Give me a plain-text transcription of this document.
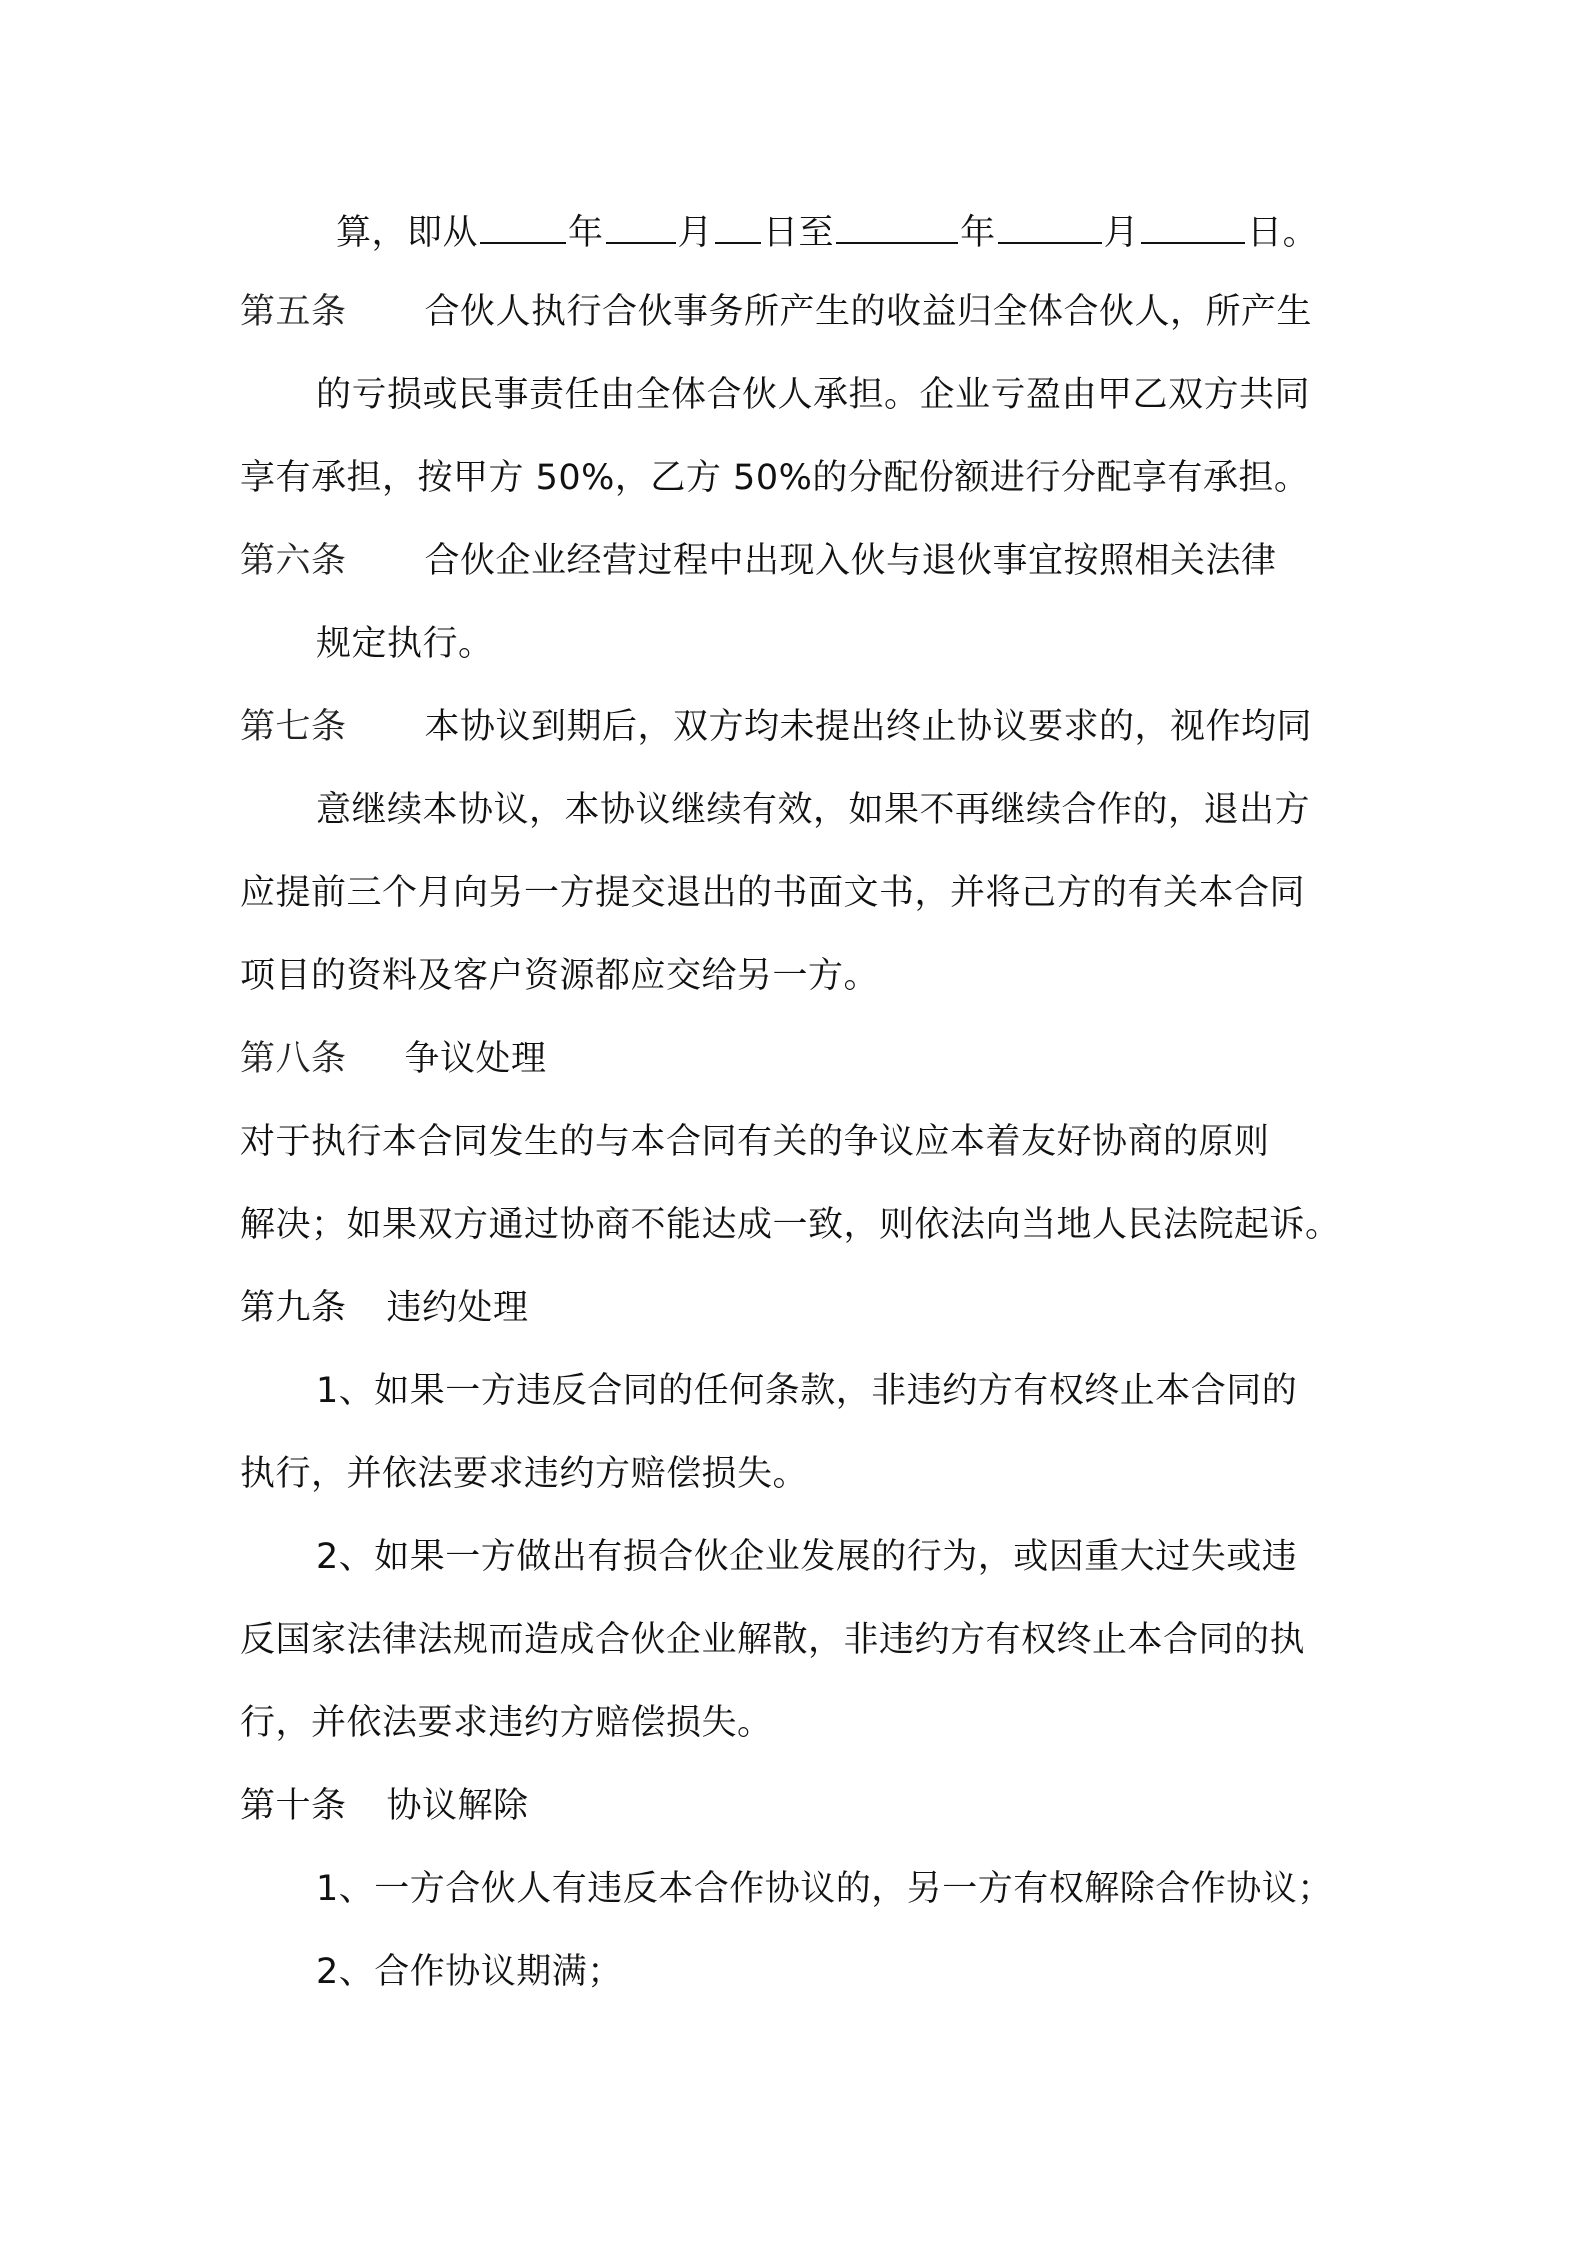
算，即从	年 月 日至	年	月	日。
第五条 合伙人执行合伙事务所产生的收益归全体合伙人，所产生
的亏损或民事责任由全体合伙人承担。企业亏盈由甲乙双方共同
享有承担，按甲方 50%，乙方 50%的分配份额进行分配享有承担。
第六条 合伙企业经营过程中出现入伙与退伙事宜按照相关法律
规定执行。
第七条 本协议到期后，双方均未提出终止协议要求的，视作均同
意继续本协议，本协议继续有效，如果不再继续合作的，退出方
应提前三个月向另一方提交退出的书面文书，并将己方的有关本合同
项目的资料及客户资源都应交给另一方。
第八条 争议处理
对于执行本合同发生的与本合同有关的争议应本着友好协商的原则
解决；如果双方通过协商不能达成一致，则依法向当地人民法院起诉。
第九条 违约处理
1、如果一方违反合同的任何条款，非违约方有权终止本合同的
执行，并依法要求违约方赔偿损失。
2、如果一方做出有损合伙企业发展的行为，或因重大过失或违
反国家法律法规而造成合伙企业解散，非违约方有权终止本合同的执
行，并依法要求违约方赔偿损失。
第十条 协议解除
1、一方合伙人有违反本合作协议的，另一方有权解除合作协议；
2、合作协议期满；
